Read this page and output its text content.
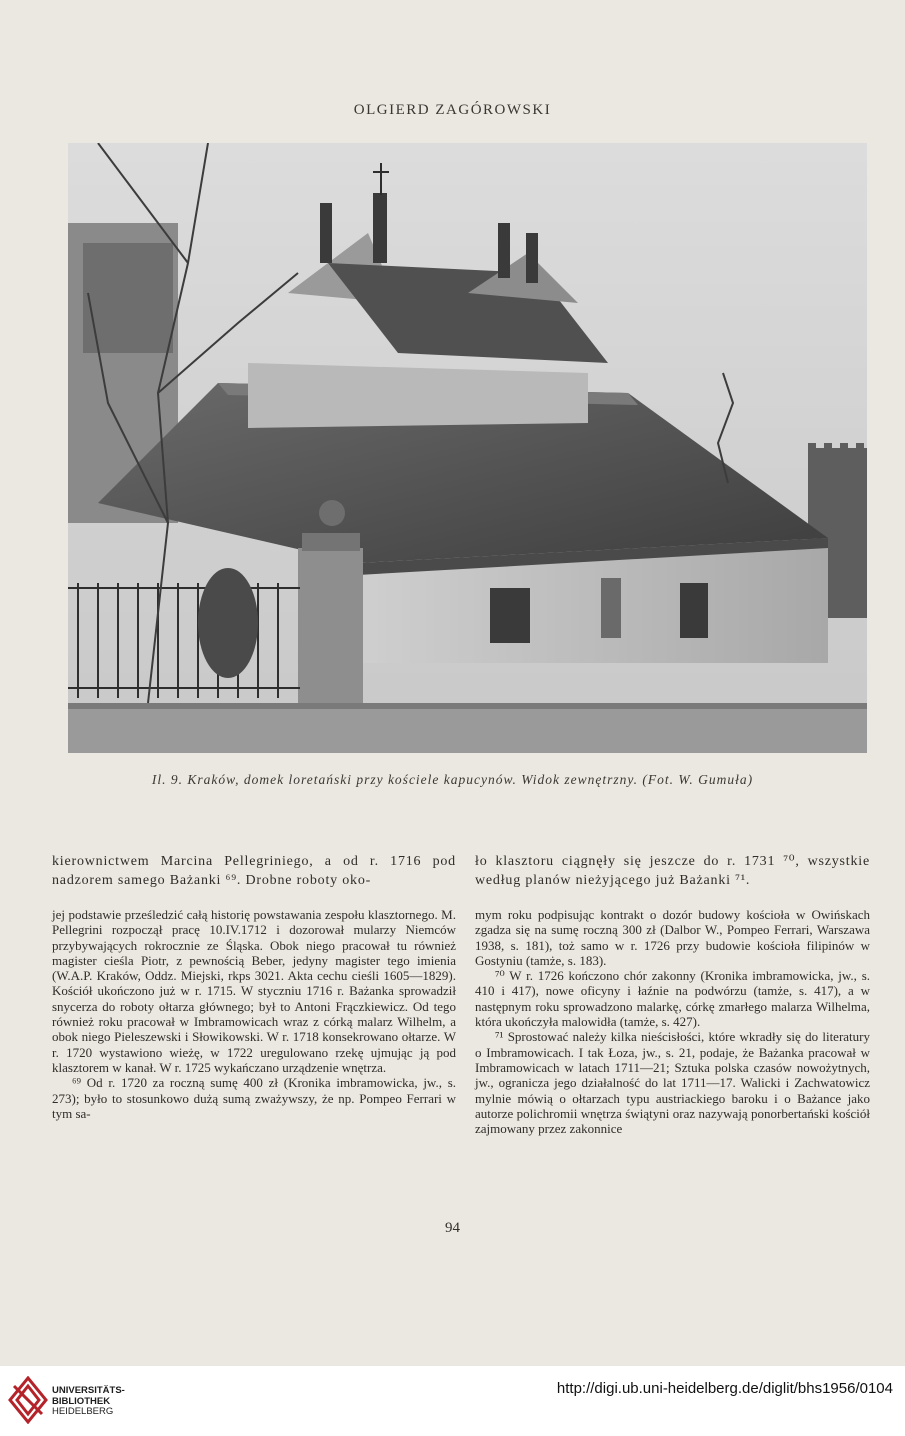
OLGIERD ZAGÓROWSKI
Il. 9. Kraków, domek loretański przy kościele kapucynów. Widok zewnętrzny. (Fot. W. Gumuła)
kierownictwem Marcina Pellegriniego, a od r. 1716 pod nadzorem samego Bażanki ⁶⁹. Drobne roboty oko-
ło klasztoru ciągnęły się jeszcze do r. 1731 ⁷⁰, wszystkie według planów nieżyjącego już Bażanki ⁷¹.

jej podstawie prześledzić całą historię powstawania zespołu klasztornego. M. Pellegrini rozpoczął pracę 10.IV.1712 i dozorował mularzy Niemców przybywających rokrocznie ze Śląska. Obok niego pracował tu również magister cieśla Piotr, z pewnością Beber, jedyny magister tego imienia (W.A.P. Kraków, Oddz. Miejski, rkps 3021. Akta cechu cieśli 1605—1829). Kościół ukończono już w r. 1715. W styczniu 1716 r. Bażanka sprowadził snycerza do roboty ołtarza głównego; był to Antoni Frączkiewicz. Od tego również roku pracował w Imbramowicach wraz z córką malarz Wilhelm, a obok niego Pieleszewski i Słowikowski. W r. 1718 konsekrowano ołtarze. W r. 1720 wystawiono wieżę, w 1722 uregulowano rzekę ujmując ją pod klasztorem w kanał. W r. 1725 wykańczano urządzenie wnętrza.

⁶⁹ Od r. 1720 za roczną sumę 400 zł (Kronika imbramowicka, jw., s. 273); było to stosunkowo dużą sumą zważywszy, że np. Pompeo Ferrari w tym sa-

mym roku podpisując kontrakt o dozór budowy kościoła w Owińskach zgadza się na sumę roczną 300 zł (Dalbor W., Pompeo Ferrari, Warszawa 1938, s. 181), toż samo w r. 1726 przy budowie kościoła filipinów w Gostyniu (tamże, s. 183).

⁷⁰ W r. 1726 kończono chór zakonny (Kronika imbramowicka, jw., s. 410 i 417), nowe oficyny i łaźnie na podwórzu (tamże, s. 417), a w następnym roku sprowadzono malarkę, córkę zmarłego malarza Wilhelma, która ukończyła malowidła (tamże, s. 427).

⁷¹ Sprostować należy kilka nieścisłości, które wkradły się do literatury o Imbramowicach. I tak Łoza, jw., s. 21, podaje, że Bażanka pracował w Imbramowicach w latach 1711—21; Sztuka polska czasów nowożytnych, jw., ogranicza jego działalność do lat 1711—17. Walicki i Zachwatowicz mylnie mówią o ołtarzach typu austriackiego baroku i o Bażance jako autorze polichromii wnętrza świątyni oraz nazywają ponorbertański kościół zajmowany przez zakonnice

94
UNIVERSITÄTS-
BIBLIOTHEK
HEIDELBERG
http://digi.ub.uni-heidelberg.de/diglit/bhs1956/0104
